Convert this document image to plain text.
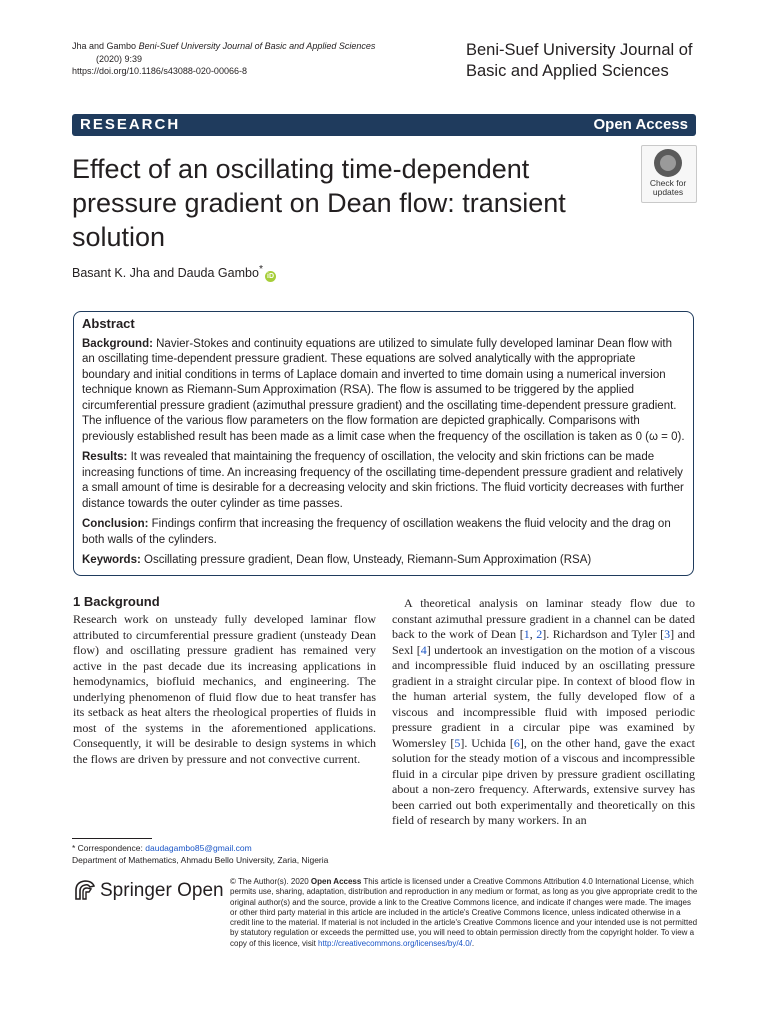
Jha and Gambo Beni-Suef University Journal of Basic and Applied Sciences
(2020) 9:39
https://doi.org/10.1186/s43088-020-00066-8
Beni-Suef University Journal of Basic and Applied Sciences
RESEARCH	Open Access
Effect of an oscillating time-dependent pressure gradient on Dean flow: transient solution
Check for
updates
Basant K. Jha and Dauda Gambo*iD
Abstract

Background: Navier-Stokes and continuity equations are utilized to simulate fully developed laminar Dean flow with an oscillating time-dependent pressure gradient. These equations are solved analytically with the appropriate boundary and initial conditions in terms of Laplace domain and inverted to time domain using a numerical inversion technique known as Riemann-Sum Approximation (RSA). The flow is assumed to be triggered by the applied circumferential pressure gradient (azimuthal pressure gradient) and the oscillating time-dependent pressure gradient. The influence of the various flow parameters on the flow formation are depicted graphically. Comparisons with previously established result has been made as a limit case when the frequency of the oscillation is taken as 0 (ω = 0).

Results: It was revealed that maintaining the frequency of oscillation, the velocity and skin frictions can be made increasing functions of time. An increasing frequency of the oscillating time-dependent pressure gradient and relatively a small amount of time is desirable for a decreasing velocity and skin frictions. The fluid vorticity decreases with further distance towards the outer cylinder as time passes.

Conclusion: Findings confirm that increasing the frequency of oscillation weakens the fluid velocity and the drag on both walls of the cylinders.

Keywords: Oscillating pressure gradient, Dean flow, Unsteady, Riemann-Sum Approximation (RSA)

1 Background
Research work on unsteady fully developed laminar flow attributed to circumferential pressure gradient (unsteady Dean flow) and oscillating pressure gradient has remained very active in the past decade due its increasing applications in hemodynamics, biofluid mechanics, and engineering. The underlying phenomenon of fluid flow due to heat transfer has its setback as heat alters the rheological properties of fluids in most of the systems in the aforementioned applications. Consequently, it will be desirable to design systems in which the flows are driven by pressure and not convective current.
A theoretical analysis on laminar steady flow due to constant azimuthal pressure gradient in a channel can be dated back to the work of Dean [1, 2]. Richardson and Tyler [3] and Sexl [4] undertook an investigation on the motion of a viscous and incompressible fluid induced by an oscillating pressure gradient in a straight circular pipe. In context of blood flow in the human arterial system, the fully developed flow of a viscous and incompressible fluid with imposed periodic pressure gradient in a circular pipe was examined by Womersley [5]. Uchida [6], on the other hand, gave the exact solution for the steady motion of a viscous and incompressible fluid in a circular pipe driven by pressure gradient oscillating about a non-zero frequency. Afterwards, extensive survey has been carried out both experimentally and theoretically on this field of research by many workers. In an
* Correspondence: daudagambo85@gmail.com
Department of Mathematics, Ahmadu Bello University, Zaria, Nigeria
Springer Open © The Author(s). 2020 Open Access This article is licensed under a Creative Commons Attribution 4.0 International License, which permits use, sharing, adaptation, distribution and reproduction in any medium or format, as long as you give appropriate credit to the original author(s) and the source, provide a link to the Creative Commons licence, and indicate if changes were made. The images or other third party material in this article are included in the article's Creative Commons licence, unless indicated otherwise in a credit line to the material. If material is not included in the article's Creative Commons licence and your intended use is not permitted by statutory regulation or exceeds the permitted use, you will need to obtain permission directly from the copyright holder. To view a copy of this licence, visit http://creativecommons.org/licenses/by/4.0/.
